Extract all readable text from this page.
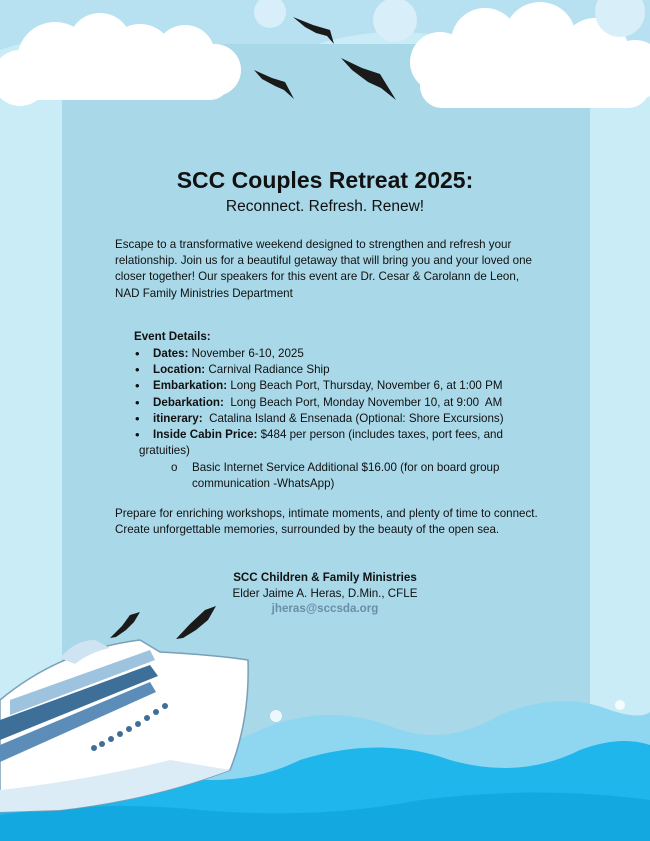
SCC Couples Retreat 2025:
Reconnect. Refresh. Renew!

Escape to a transformative weekend designed to strengthen and refresh your relationship. Join us for a beautiful getaway that will bring you and your loved one closer together! Our speakers for this event are Dr. Cesar & Carolann de Leon, NAD Family Ministries Department

Event Details:
• Dates: November 6-10, 2025
• Location: Carnival Radiance Ship
• Embarkation: Long Beach Port, Thursday, November 6, at 1:00 PM
• Debarkation:  Long Beach Port, Monday November 10, at 9:00  AM
• itinerary:  Catalina Island & Ensenada (Optional: Shore Excursions)
• Inside Cabin Price: $484 per person (includes taxes, port fees, and
gratuities)
o Basic Internet Service Additional $16.00 (for on board group communication -WhatsApp)

Prepare for enriching workshops, intimate moments, and plenty of time to connect. Create unforgettable memories, surrounded by the beauty of the open sea.

SCC Children & Family Ministries
Elder Jaime A. Heras, D.Min., CFLE
jheras@sccsda.org
